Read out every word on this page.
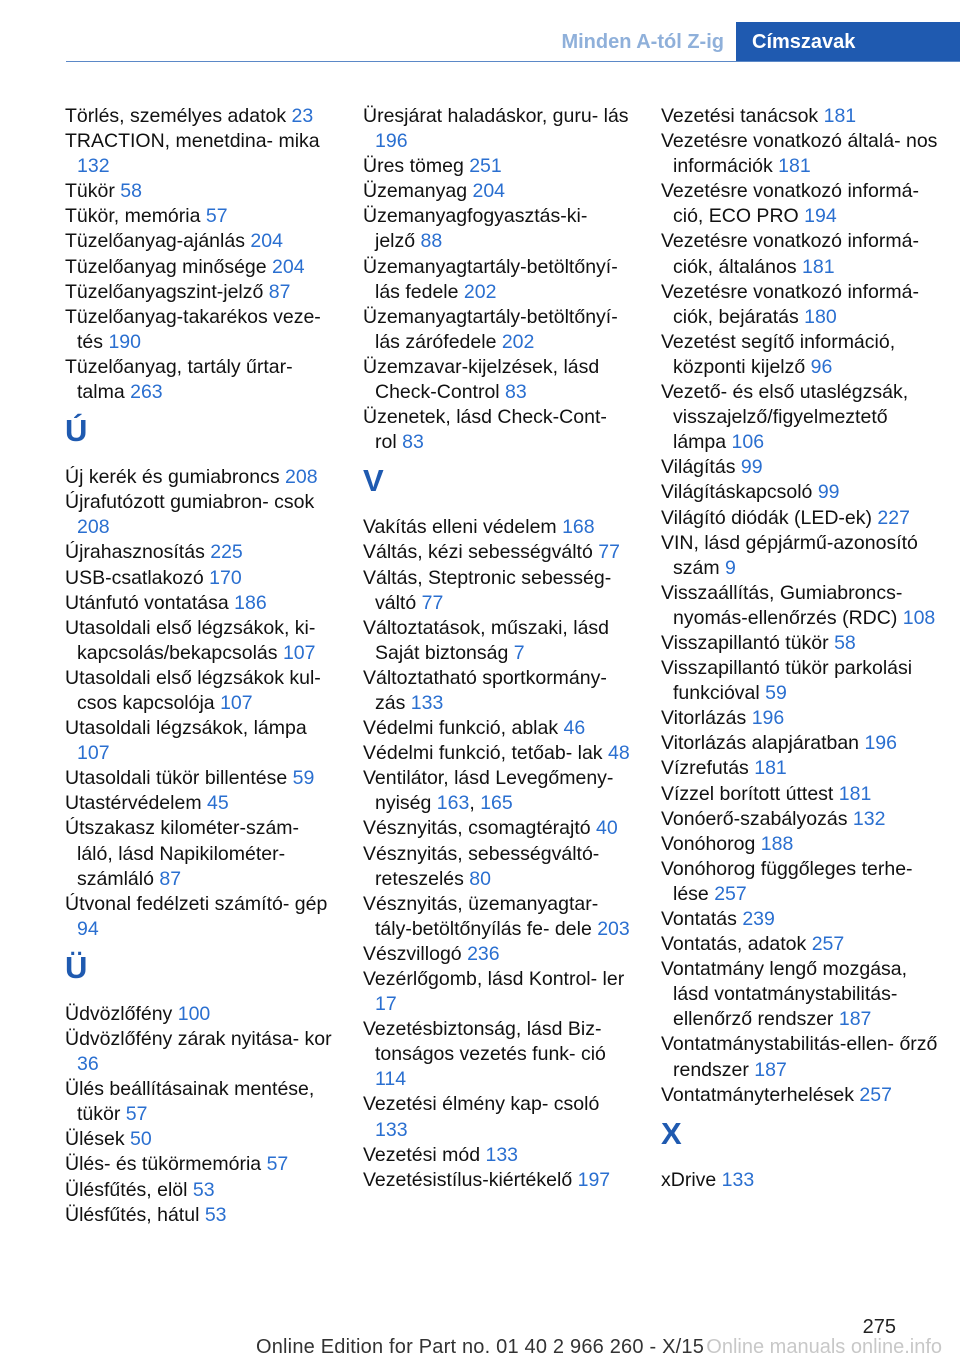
Minden A-tól Z-ig	Címszavak
Törlés, személyes adatok 23
TRACTION, menetdina‐ mika 132
Tükör 58
Tükör, memória 57
Tüzelőanyag-ajánlás 204
Tüzelőanyag minősége 204
Tüzelőanyagszint-jelző 87
Tüzelőanyag-takarékos veze‐ tés 190
Tüzelőanyag, tartály űrtar‐ talma 263
Ú
Új kerék és gumiabroncs 208
Újrafutózott gumiabron‐ csok 208
Újrahasznosítás 225
USB-csatlakozó 170
Utánfutó vontatása 186
Utasoldali első légzsákok, ki‐ kapcsolás/bekapcsolás 107
Utasoldali első légzsákok kul‐ csos kapcsolója 107
Utasoldali légzsákok, lámpa 107
Utasoldali tükör billentése 59
Utastérvédelem 45
Útszakasz kilométer-szám‐ láló, lásd Napikilométer- számláló 87
Útvonal fedélzeti számító‐ gép 94
Ü
Üdvözlőfény 100
Üdvözlőfény zárak nyitása‐ kor 36
Ülés beállításainak mentése, tükör 57
Ülések 50
Ülés- és tükörmemória 57
Ülésfűtés, elöl 53
Ülésfűtés, hátul 53
Üresjárat haladáskor, guru‐ lás 196
Üres tömeg 251
Üzemanyag 204
Üzemanyagfogyasztás-ki‐ jelző 88
Üzemanyagtartály-betöltőnyí‐ lás fedele 202
Üzemanyagtartály-betöltőnyí‐ lás zárófedele 202
Üzemzavar-kijelzések, lásd Check-Control 83
Üzenetek, lásd Check-Cont‐ rol 83
V
Vakítás elleni védelem 168
Váltás, kézi sebességváltó 77
Váltás, Steptronic sebesség‐ váltó 77
Változtatások, műszaki, lásd Saját biztonság 7
Változtatható sportkormány‐ zás 133
Védelmi funkció, ablak 46
Védelmi funkció, tetőab‐ lak 48
Ventilátor, lásd Levegőmeny‐ nyiség 163, 165
Vésznyitás, csomagtérajtó 40
Vésznyitás, sebességváltó- reteszelés 80
Vésznyitás, üzemanyagtar‐ tály-betöltőnyílás fe‐ dele 203
Vészvillogó 236
Vezérlőgomb, lásd Kontrol‐ ler 17
Vezetésbiztonság, lásd Biz‐ tonságos vezetés funk‐ ció 114
Vezetési élmény kap‐ csoló 133
Vezetési mód 133
Vezetésistílus-kiértékelő 197
Vezetési tanácsok 181
Vezetésre vonatkozó általá‐ nos információk 181
Vezetésre vonatkozó informá‐ ció, ECO PRO 194
Vezetésre vonatkozó informá‐ ciók, általános 181
Vezetésre vonatkozó informá‐ ciók, bejáratás 180
Vezetést segítő információ, központi kijelző 96
Vezető- és első utaslégzsák, visszajelző/figyelmeztető lámpa 106
Világítás 99
Világításkapcsoló 99
Világító diódák (LED-ek) 227
VIN, lásd gépjármű-azonosító szám 9
Visszaállítás, Gumiabroncs- nyomás-ellenőrzés (RDC) 108
Visszapillantó tükör 58
Visszapillantó tükör parkolási funkcióval 59
Vitorlázás 196
Vitorlázás alapjáratban 196
Vízrefutás 181
Vízzel borított úttest 181
Vonóerő-szabályozás 132
Vonóhorog 188
Vonóhorog függőleges terhe‐ lése 257
Vontatás 239
Vontatás, adatok 257
Vontatmány lengő mozgása, lásd vontatmánystabilitás- ellenőrző rendszer 187
Vontatmánystabilitás-ellen‐ őrző rendszer 187
Vontatmányterhelések 257
X
xDrive 133
275
Online Edition for Part no. 01 40 2 966 260 - X/15 Online manuals online.info
